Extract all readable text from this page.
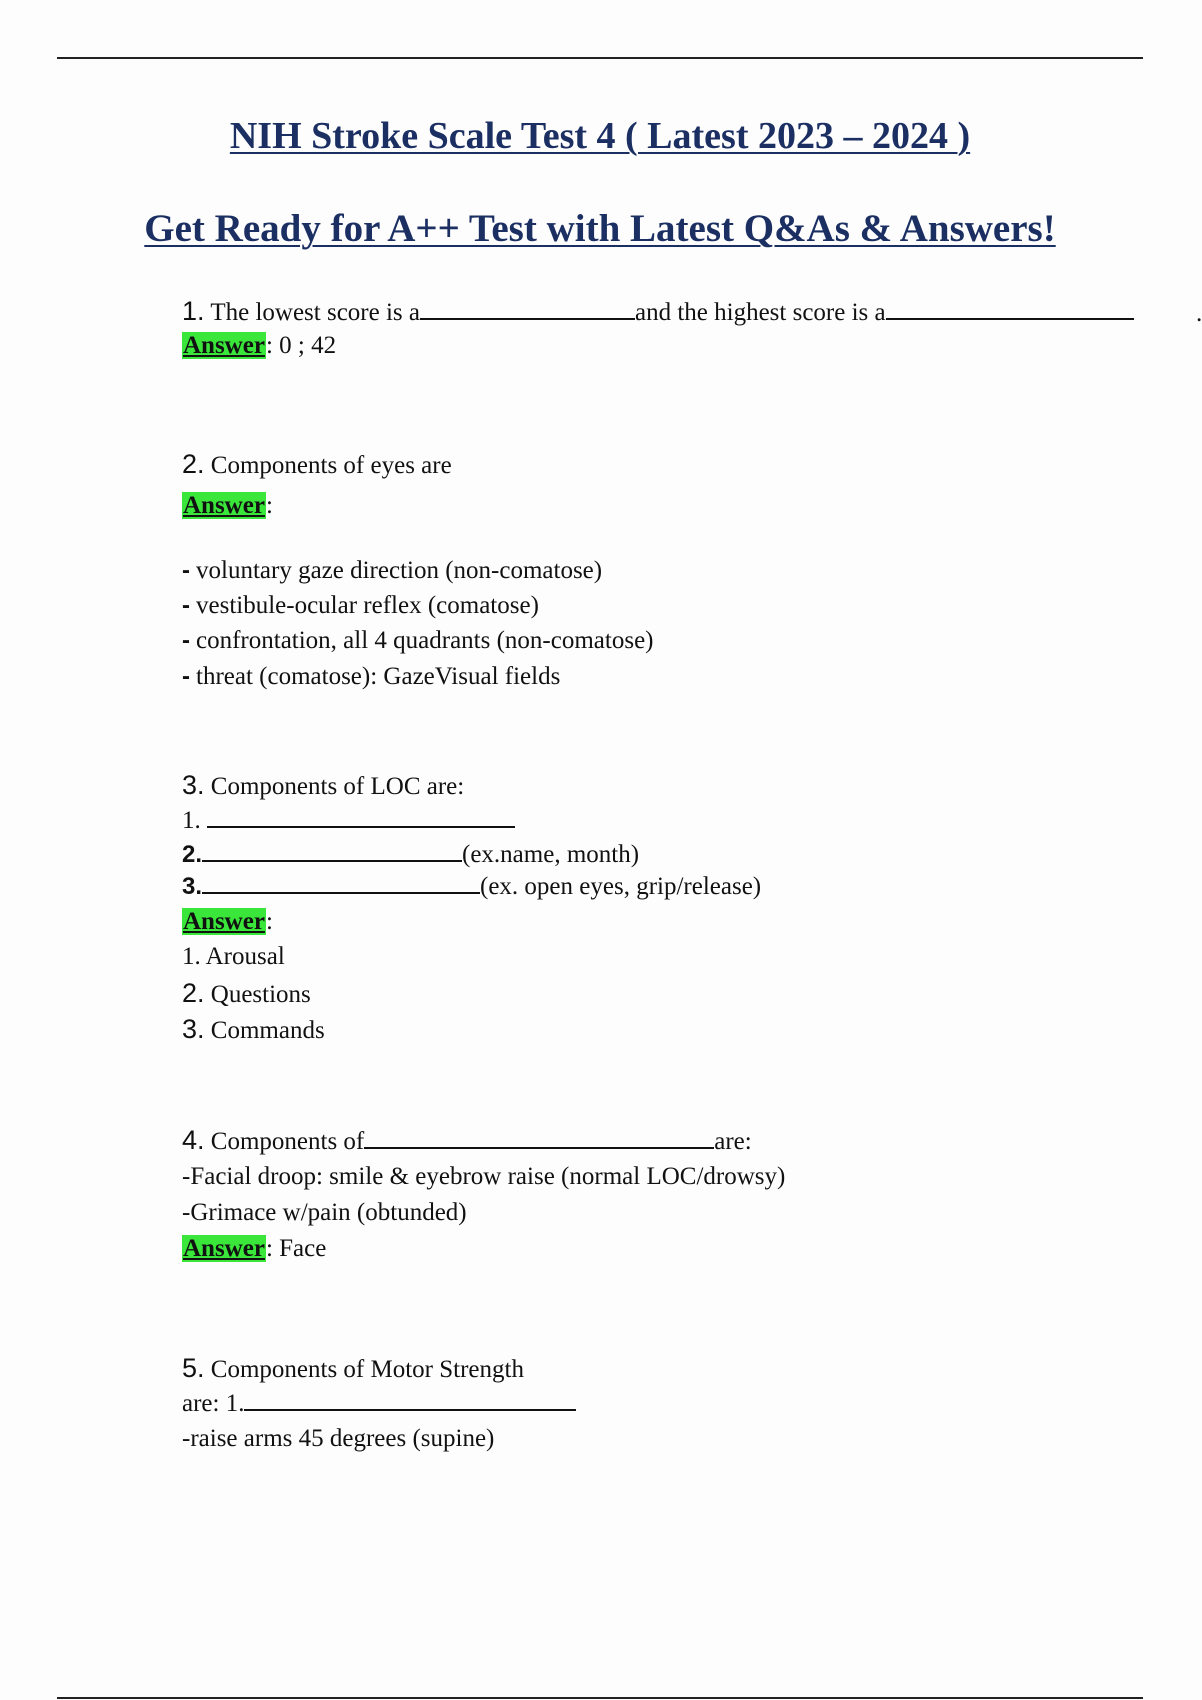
NIH Stroke Scale Test 4 ( Latest 2023 – 2024 )
Get Ready for A++ Test with Latest Q&As & Answers!
1. The lowest score is a	and the highest score is a	.
Answer: 0 ; 42
2. Components of eyes are
Answer:
- voluntary gaze direction (non-comatose)
- vestibule-ocular reflex (comatose)
- confrontation, all 4 quadrants (non-comatose)
- threat (comatose): GazeVisual fields
3. Components of LOC are:
1.
2.	(ex.name, month)
3.	(ex. open eyes, grip/release)
Answer:
1. Arousal
2. Questions
3. Commands
4. Components of	are:
-Facial droop: smile & eyebrow raise (normal LOC/drowsy)
-Grimace w/pain (obtunded)
Answer: Face
5. Components of Motor Strength
are: 1.
-raise arms 45 degrees (supine)
